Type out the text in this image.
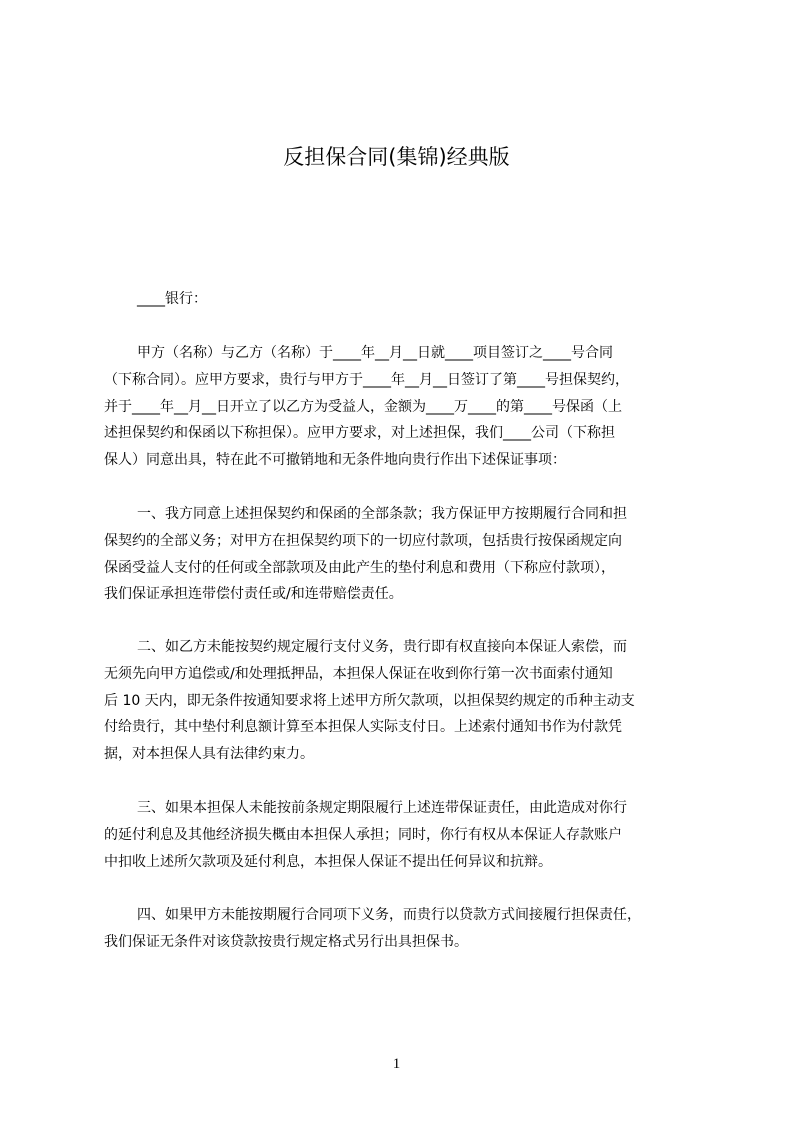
反担保合同(集锦)经典版
____银行：
甲方（名称）与乙方（名称）于____年__月__日就____项目签订之____号合同
（下称合同）。应甲方要求，贵行与甲方于____年__月__日签订了第____号担保契约，
并于____年__月__日开立了以乙方为受益人，金额为____万____的第____号保函（上
述担保契约和保函以下称担保）。应甲方要求，对上述担保，我们____公司（下称担
保人）同意出具，特在此不可撤销地和无条件地向贵行作出下述保证事项：
一、我方同意上述担保契约和保函的全部条款；我方保证甲方按期履行合同和担
保契约的全部义务；对甲方在担保契约项下的一切应付款项，包括贵行按保函规定向
保函受益人支付的任何或全部款项及由此产生的垫付利息和费用（下称应付款项），
我们保证承担连带偿付责任或/和连带赔偿责任。
二、如乙方未能按契约规定履行支付义务，贵行即有权直接向本保证人索偿，而
无须先向甲方追偿或/和处理抵押品，本担保人保证在收到你行第一次书面索付通知
后 10 天内，即无条件按通知要求将上述甲方所欠款项，以担保契约规定的币种主动支
付给贵行，其中垫付利息额计算至本担保人实际支付日。上述索付通知书作为付款凭
据，对本担保人具有法律约束力。
三、如果本担保人未能按前条规定期限履行上述连带保证责任，由此造成对你行
的延付利息及其他经济损失概由本担保人承担；同时，你行有权从本保证人存款账户
中扣收上述所欠款项及延付利息，本担保人保证不提出任何异议和抗辩。
四、如果甲方未能按期履行合同项下义务，而贵行以贷款方式间接履行担保责任，
我们保证无条件对该贷款按贵行规定格式另行出具担保书。
1
